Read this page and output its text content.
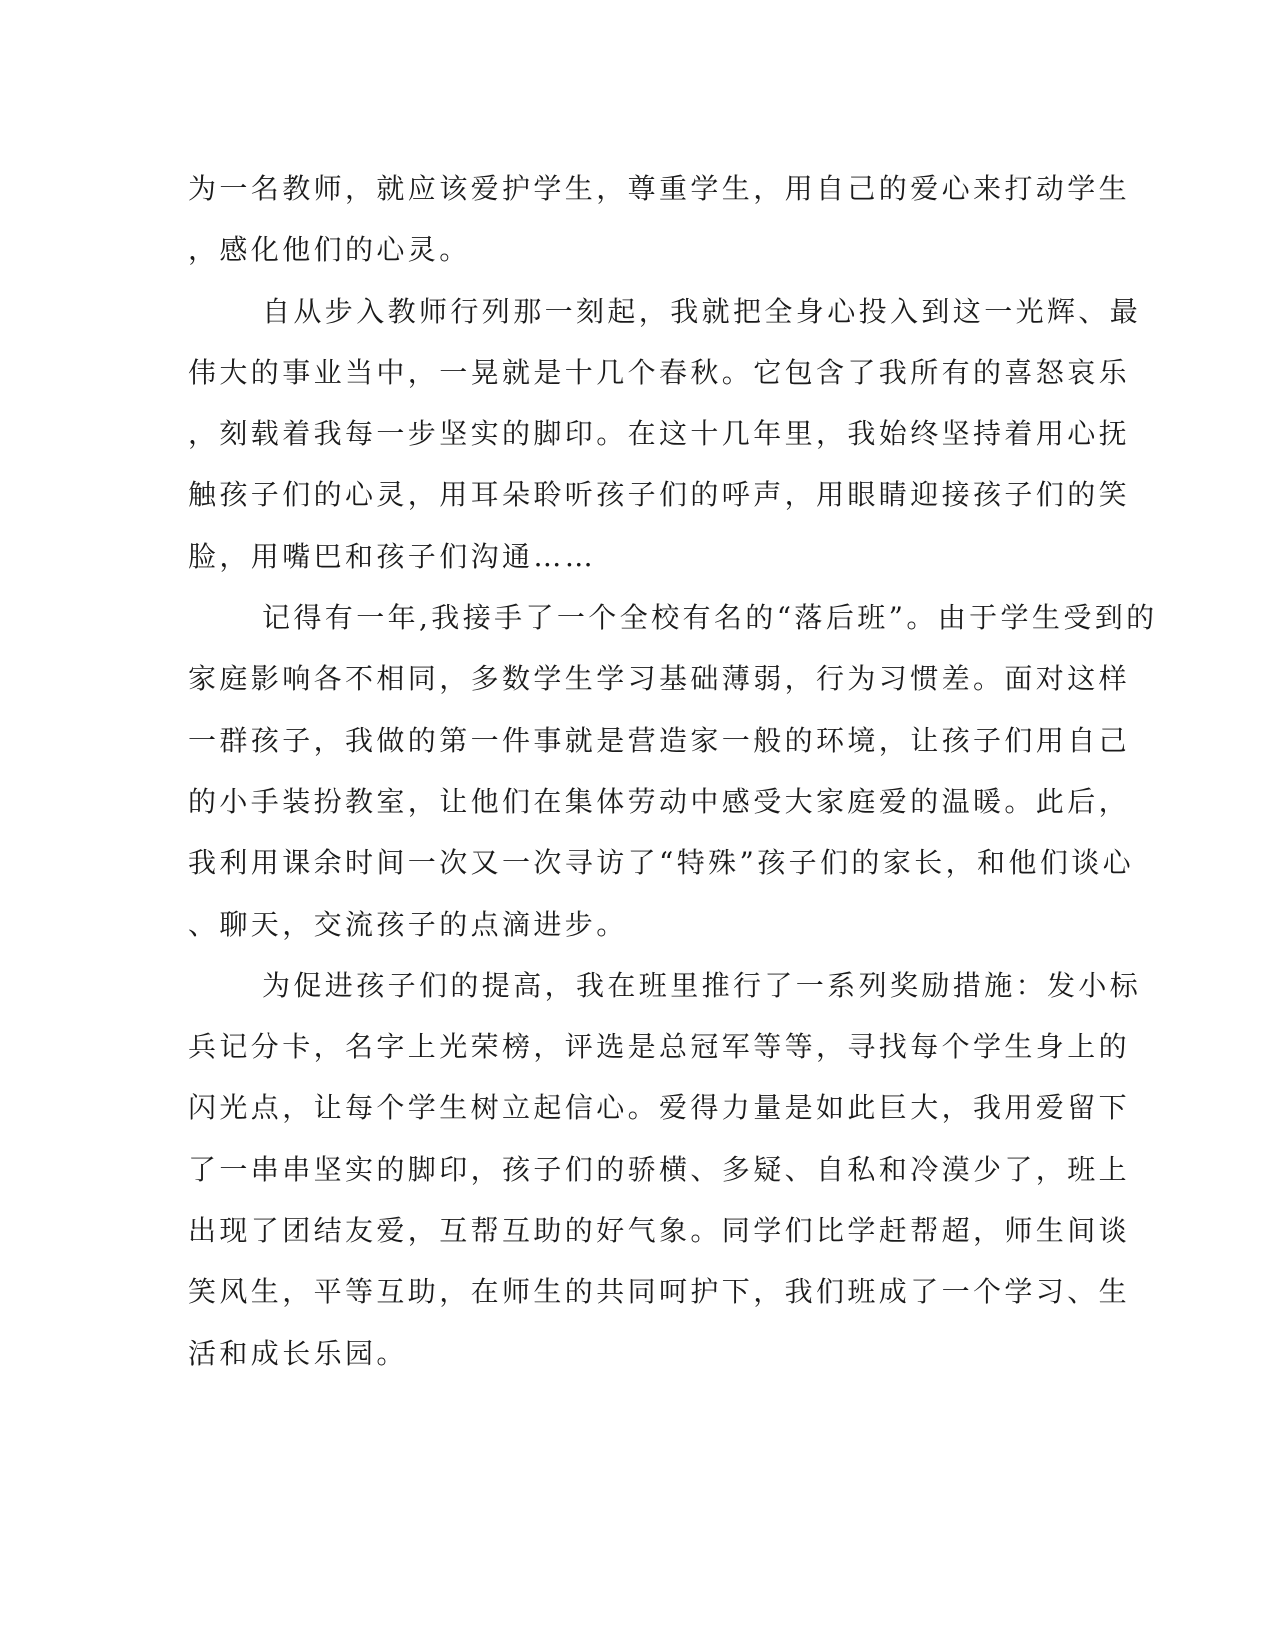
为一名教师，就应该爱护学生，尊重学生，用自己的爱心来打动学生
，感化他们的心灵。
自从步入教师行列那一刻起，我就把全身心投入到这一光辉、最
伟大的事业当中，一晃就是十几个春秋。它包含了我所有的喜怒哀乐
，刻载着我每一步坚实的脚印。在这十几年里，我始终坚持着用心抚
触孩子们的心灵，用耳朵聆听孩子们的呼声，用眼睛迎接孩子们的笑
脸，用嘴巴和孩子们沟通……
记得有一年,我接手了一个全校有名的“落后班”。由于学生受到的
家庭影响各不相同，多数学生学习基础薄弱，行为习惯差。面对这样
一群孩子，我做的第一件事就是营造家一般的环境，让孩子们用自己
的小手装扮教室，让他们在集体劳动中感受大家庭爱的温暖。此后，
我利用课余时间一次又一次寻访了“特殊”孩子们的家长，和他们谈心
、聊天，交流孩子的点滴进步。
为促进孩子们的提高，我在班里推行了一系列奖励措施：发小标
兵记分卡，名字上光荣榜，评选是总冠军等等，寻找每个学生身上的
闪光点，让每个学生树立起信心。爱得力量是如此巨大，我用爱留下
了一串串坚实的脚印，孩子们的骄横、多疑、自私和冷漠少了，班上
出现了团结友爱，互帮互助的好气象。同学们比学赶帮超，师生间谈
笑风生，平等互助，在师生的共同呵护下，我们班成了一个学习、生
活和成长乐园。
